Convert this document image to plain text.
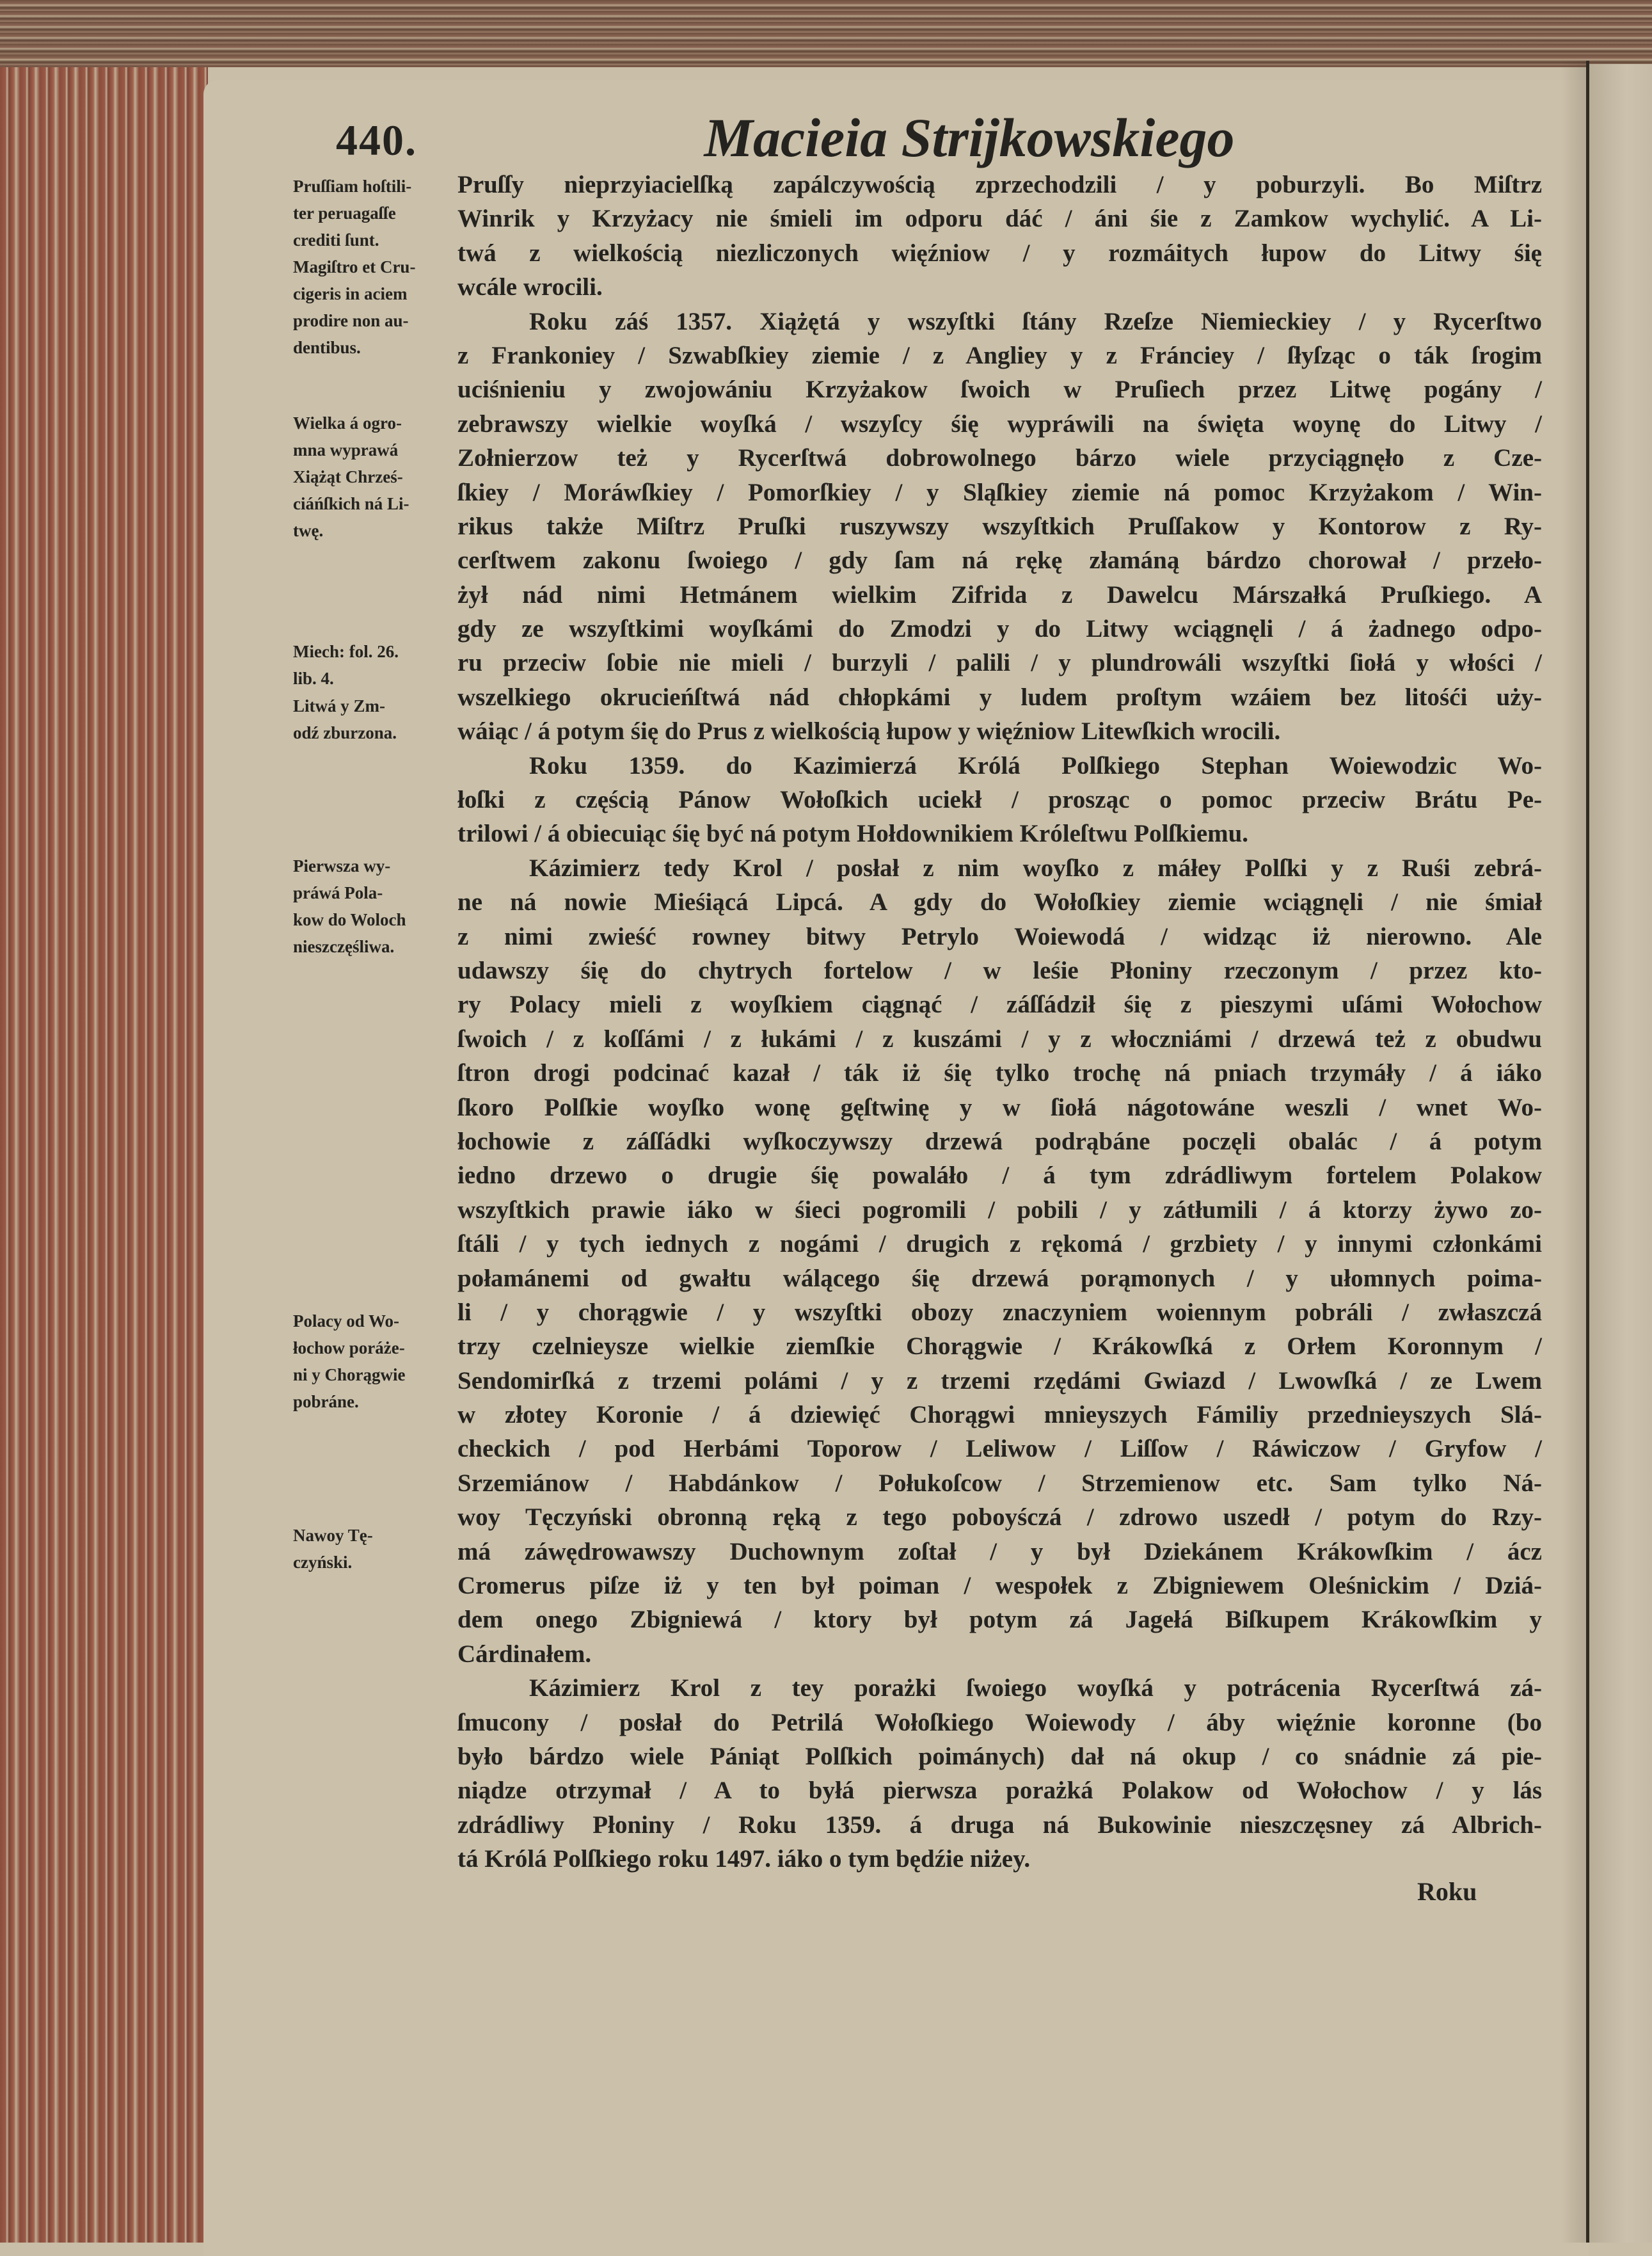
440.	Macieia Strijkowskiego
Pruſſy nieprzyiacielſką zapálczywością zprzechodzili / y poburzyli. Bo Miſtrz
Winrik y Krzyżacy nie śmieli im odporu dáć / áni śie z Zamkow wychylić. A Li-
twá z wielkością niezliczonych więźniow / y rozmáitych łupow do Litwy śię
wcále wrocili.
Roku záś 1357. Xiążętá y wszyſtki ſtány Rzeſze Niemieckiey / y Rycerſtwo
z Frankoniey / Szwabſkiey ziemie / z Angliey y z Fránciey / ſłyſząc o ták ſrogim
uciśnieniu y zwojowániu Krzyżakow ſwoich w Pruſiech przez Litwę pogány /
zebrawszy wielkie woyſká / wszyſcy śię wypráwili na święta woynę do Litwy /
Zołnierzow też y Rycerſtwá dobrowolnego bárzo wiele przyciągnęło z Cze-
ſkiey / Moráwſkiey / Pomorſkiey / y Sląſkiey ziemie ná pomoc Krzyżakom / Win-
rikus także Miſtrz Pruſki ruszywszy wszyſtkich Pruſſakow y Kontorow z Ry-
cerſtwem zakonu ſwoiego / gdy ſam ná rękę złamáną bárdzo chorował / przeło-
żył nád nimi Hetmánem wielkim Zifrida z Dawelcu Márszałká Pruſkiego. A
gdy ze wszyſtkimi woyſkámi do Zmodzi y do Litwy wciągnęli / á żadnego odpo-
ru przeciw ſobie nie mieli / burzyli / palili / y plundrowáli wszyſtki ſiołá y włości /
wszelkiego okrucieńſtwá nád chłopkámi y ludem proſtym wzáiem bez litośći uży-
wáiąc / á potym śię do Prus z wielkością łupow y więźniow Litewſkich wrocili.
Roku 1359. do Kazimierzá Królá Polſkiego Stephan Woiewodzic Wo-
łoſki z częścią Pánow Wołoſkich uciekł / prosząc o pomoc przeciw Brátu Pe-
trilowi / á obiecuiąc śię być ná potym Hołdownikiem Króleſtwu Polſkiemu.
Kázimierz tedy Krol / posłał z nim woyſko z máłey Polſki y z Ruśi zebrá-
ne ná nowie Mieśiącá Lipcá. A gdy do Wołoſkiey ziemie wciągnęli / nie śmiał
z nimi zwieść rowney bitwy Petrylo Woiewodá / widząc iż nierowno. Ale
udawszy śię do chytrych fortelow / w leśie Płoniny rzeczonym / przez kto-
ry Polacy mieli z woyſkiem ciągnąć / záſſádził śię z pieszymi uſámi Wołochow
ſwoich / z koſſámi / z łukámi / z kuszámi / y z włoczniámi / drzewá też z obudwu
ſtron drogi podcinać kazał / ták iż śię tylko trochę ná pniach trzymáły / á iáko
ſkoro Polſkie woyſko wonę gęſtwinę y w ſiołá nágotowáne weszli / wnet Wo-
łochowie z záſſádki wyſkoczywszy drzewá podrąbáne poczęli obalác / á potym
iedno drzewo o drugie śię powaláło / á tym zdrádliwym fortelem Polakow
wszyſtkich prawie iáko w śieci pogromili / pobili / y zátłumili / á ktorzy żywo zo-
ſtáli / y tych iednych z nogámi / drugich z rękomá / grzbiety / y innymi członkámi
połamánemi od gwałtu wálącego śię drzewá porąmonych / y ułomnych poima-
li / y chorągwie / y wszyſtki obozy znaczyniem woiennym pobráli / zwłaszczá
trzy czelnieysze wielkie ziemſkie Chorągwie / Krákowſká z Orłem Koronnym /
Sendomirſká z trzemi polámi / y z trzemi rzędámi Gwiazd / Lwowſká / ze Lwem
w złotey Koronie / á dziewięć Chorągwi mnieyszych Fámiliy przednieyszych Slá-
checkich / pod Herbámi Toporow / Leliwow / Liſſow / Ráwiczow / Gryfow /
Srzemiánow / Habdánkow / Połukoſcow / Strzemienow etc. Sam tylko Ná-
woy Tęczyński obronną ręką z tego poboyśczá / zdrowo uszedł / potym do Rzy-
má záwędrowawszy Duchownym zoſtał / y był Dziekánem Krákowſkim / ácz
Cromerus piſze iż y ten był poiman / wespołek z Zbigniewem Oleśnickim / Dziá-
dem onego Zbigniewá / ktory był potym zá Jagełá Biſkupem Krákowſkim y
Cárdinałem.
Kázimierz Krol z tey porażki ſwoiego woyſká y potrácenia Rycerſtwá zá-
ſmucony / posłał do Petrilá Wołoſkiego Woiewody / áby więźnie koronne (bo
było bárdzo wiele Pániąt Polſkich poimánych) dał ná okup / co snádnie zá pie-
niądze otrzymał / A to byłá pierwsza porażká Polakow od Wołochow / y lás
zdrádliwy Płoniny / Roku 1359. á druga ná Bukowinie nieszczęsney zá Albrich-
tá Królá Polſkiego roku 1497. iáko o tym będźie niżey.
Roku
Pruſſiam hoſtili-
ter peruagaſſe
crediti ſunt.
Magiſtro et Cru-
cigeris in aciem
prodire non au-
dentibus.
Wielka á ogro-
mna wyprawá
Xiążąt Chrześ-
ciáńſkich ná Li-
twę.
Miech: fol. 26.
lib. 4.
Litwá y Zm-
odź zburzona.
Pierwsza wy-
práwá Pola-
kow do Woloch
nieszczęśliwa.
Polacy od Wo-
łochow poráże-
ni y Chorągwie
pobráne.
Nawoy Tę-
czyński.
